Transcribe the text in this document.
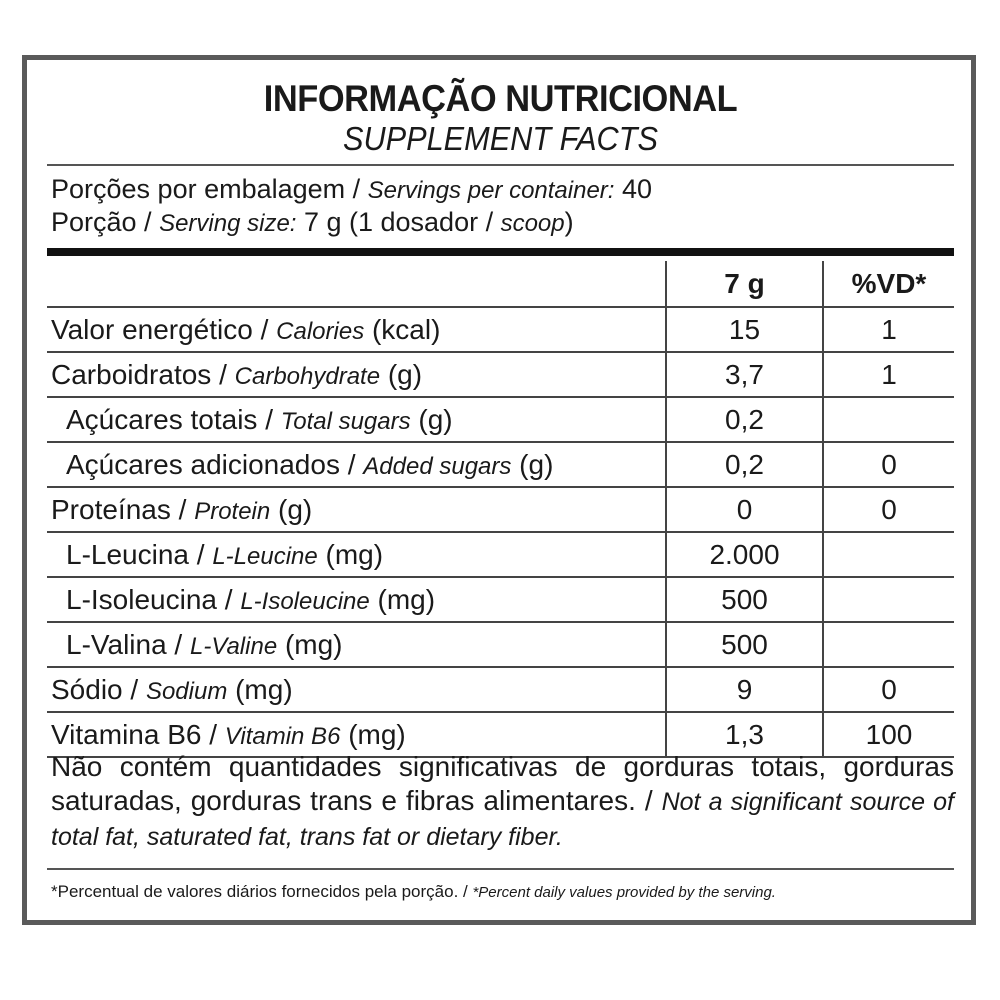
INFORMAÇÃO NUTRICIONAL
SUPPLEMENT FACTS
Porções por embalagem / Servings per container: 40
Porção / Serving size: 7 g (1 dosador / scoop)
	7 g	%VD*
Valor energético / Calories (kcal)	15	1
Carboidratos / Carbohydrate (g)	3,7	1
Açúcares totais / Total sugars (g)	0,2	
Açúcares adicionados / Added sugars (g)	0,2	0
Proteínas / Protein (g)	0	0
L-Leucina / L-Leucine (mg)	2.000	
L-Isoleucina / L-Isoleucine (mg)	500	
L-Valina / L-Valine (mg)	500	
Sódio / Sodium (mg)	9	0
Vitamina B6 / Vitamin B6 (mg)	1,3	100
Não contém quantidades significativas de gorduras totais, gorduras saturadas, gorduras trans e fibras alimentares. / Not a significant source of total fat, saturated fat, trans fat or dietary fiber.
*Percentual de valores diários fornecidos pela porção. / *Percent daily values provided by the serving.
